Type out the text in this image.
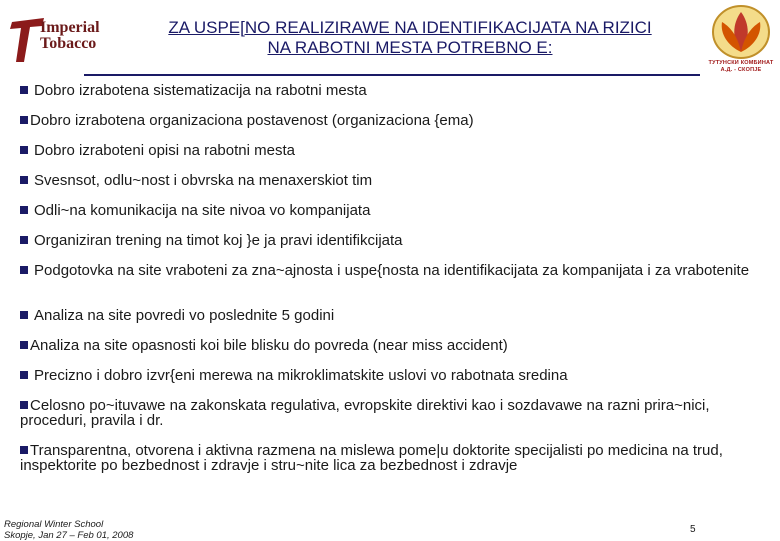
Imperial
Tobacco
ТУТУНСКИ КОМБИНАТ
А.Д. - СКОПЈЕ
ZA USPE[NO REALIZIRAWE NA IDENTIFIKACIJATA NA RIZICI
NA RABOTNI MESTA POTREBNO E:
Dobro izrabotena sistematizacija na rabotni mesta
Dobro izrabotena organizaciona postavenost (organizaciona {ema)
Dobro izraboteni opisi na rabotni mesta
Svesnsot, odlu~nost i obvrska na menaxerskiot tim
Odli~na komunikacija na site nivoa vo kompanijata
Organiziran trening na timot koj }e ja pravi identifikcijata
Podgotovka na site vraboteni za zna~ajnosta i uspe{nosta na identifikacijata za kompanijata i za vrabotenite
Analiza na site povredi vo poslednite 5 godini
Analiza na site opasnosti koi bile blisku do povreda (near miss accident)
Precizno i dobro izvr{eni merewa na mikroklimatskite uslovi vo rabotnata sredina
Celosno po~ituvawe na zakonskata regulativa, evropskite direktivi kao i sozdavawe na razni prira~nici, proceduri, pravila i dr.
Transparentna, otvorena i aktivna razmena na mislewa pome|u doktorite specijalisti po medicina na trud, inspektorite po bezbednost i zdravje i stru~nite lica za bezbednost i zdravje
Regional Winter School
Skopje, Jan 27 – Feb 01, 2008
5
